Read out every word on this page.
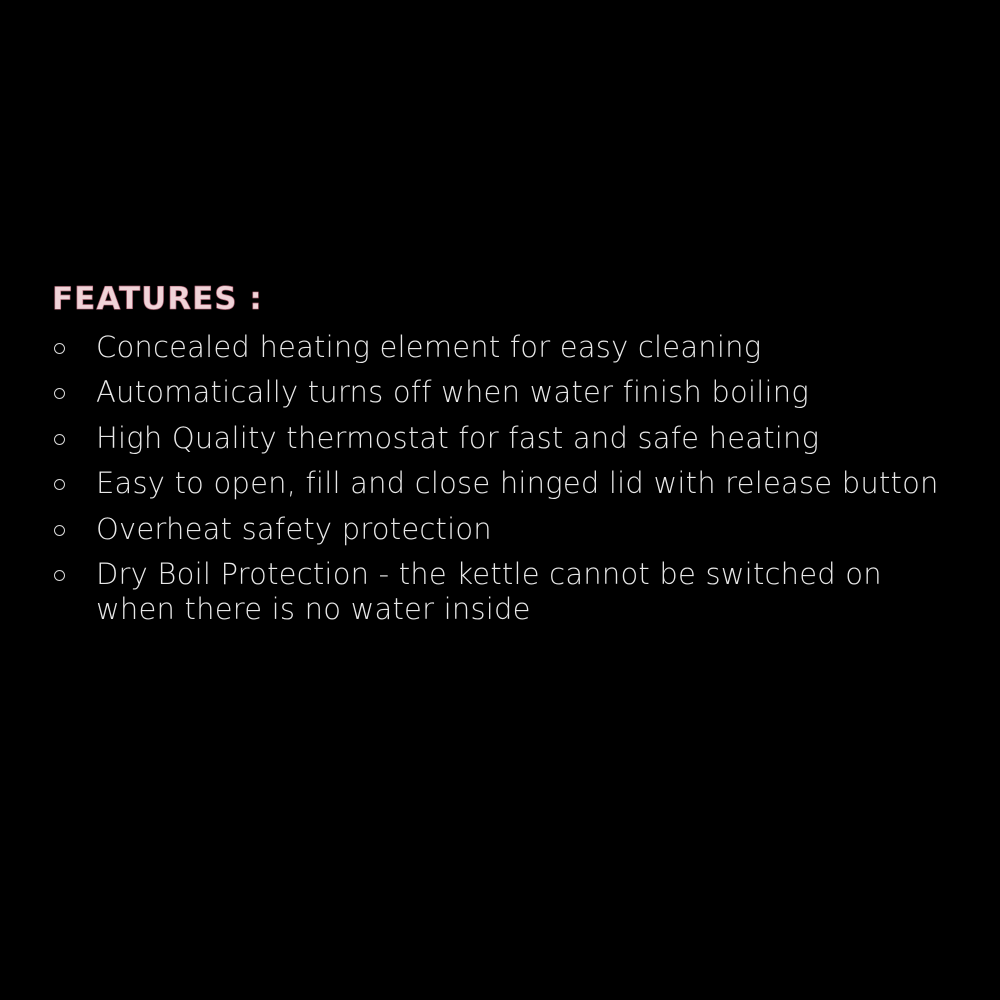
FEATURES :
Concealed heating element for easy cleaning
Automatically turns off when water finish boiling
High Quality thermostat for fast and safe heating
Easy to open, fill and close hinged lid with release button
Overheat safety protection
Dry Boil Protection - the kettle cannot be switched on when there is no water inside
